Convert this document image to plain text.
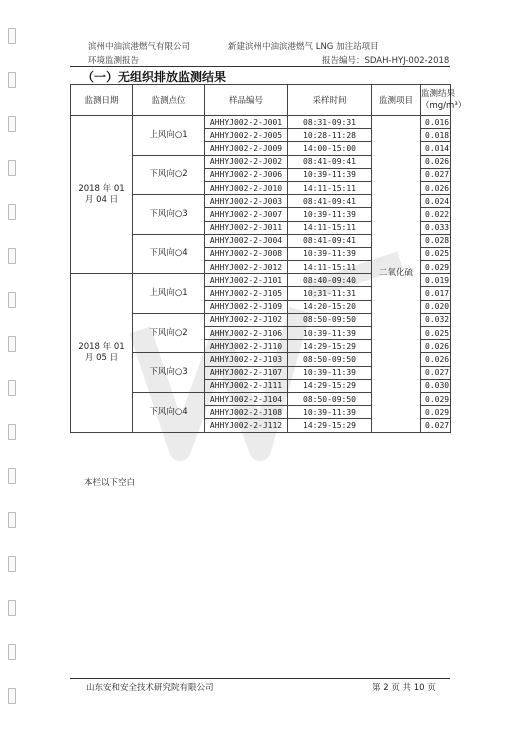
滨州中油滨港燃气有限公司	新建滨州中油滨港燃气 LNG 加注站项目
环境监测报告	报告编号：SDAH-HYJ-002-2018
（一）无组织排放监测结果
监测日期	监测点位	样品编号	采样时间	监测项目	监测结果
（mg/m³）

2018 年 01
月 04 日	上风向○1	AHHYJ002-2-J001	08:31-09:31	二氧化硫	0.016
		AHHYJ002-2-J005	10:28-11:28		0.018
		AHHYJ002-2-J009	14:00-15:00		0.014
	下风向○2	AHHYJ002-2-J002	08:41-09:41		0.026
		AHHYJ002-2-J006	10:39-11:39		0.027
		AHHYJ002-2-J010	14:11-15:11		0.026
	下风向○3	AHHYJ002-2-J003	08:41-09:41		0.024
		AHHYJ002-2-J007	10:39-11:39		0.022
		AHHYJ002-2-J011	14:11-15:11		0.033
	下风向○4	AHHYJ002-2-J004	08:41-09:41		0.028
		AHHYJ002-2-J008	10:39-11:39		0.025
		AHHYJ002-2-J012	14:11-15:11		0.029

2018 年 01
月 05 日	上风向○1	AHHYJ002-2-J101	08:40-09:40		0.019
		AHHYJ002-2-J105	10:31-11:31		0.017
		AHHYJ002-2-J109	14:20-15:20		0.020
	下风向○2	AHHYJ002-2-J102	08:50-09:50		0.032
		AHHYJ002-2-J106	10:39-11:39		0.025
		AHHYJ002-2-J110	14:29-15:29		0.026
	下风向○3	AHHYJ002-2-J103	08:50-09:50		0.026
		AHHYJ002-2-J107	10:39-11:39		0.027
		AHHYJ002-2-J111	14:29-15:29		0.030
	下风向○4	AHHYJ002-2-J104	08:50-09:50		0.029
		AHHYJ002-2-J108	10:39-11:39		0.029
		AHHYJ002-2-J112	14:29-15:29		0.027
本栏以下空白
山东安和安全技术研究院有限公司	第 2 页 共 10 页
